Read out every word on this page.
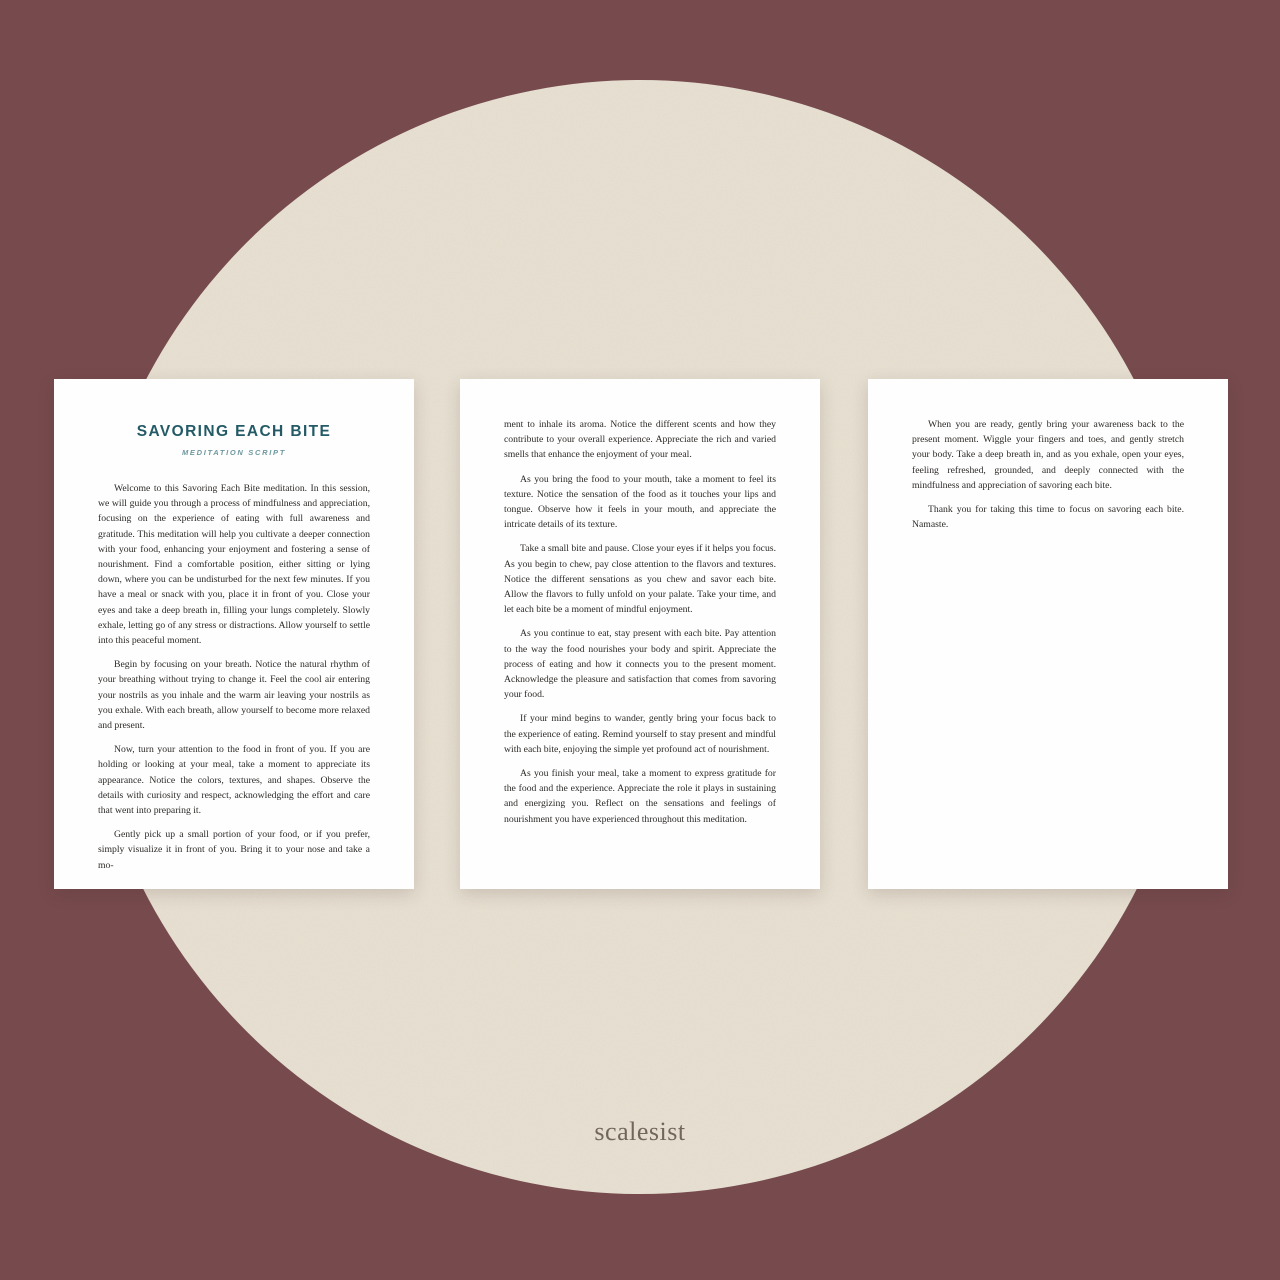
SAVORING EACH BITE
MEDITATION SCRIPT

Welcome to this Savoring Each Bite meditation. In this session, we will guide you through a process of mindfulness and appreciation, focusing on the experience of eating with full awareness and gratitude. This meditation will help you cultivate a deeper connection with your food, enhancing your enjoyment and fostering a sense of nourishment. Find a comfortable position, either sitting or lying down, where you can be undisturbed for the next few minutes. If you have a meal or snack with you, place it in front of you. Close your eyes and take a deep breath in, filling your lungs completely. Slowly exhale, letting go of any stress or distractions. Allow yourself to settle into this peaceful moment.

Begin by focusing on your breath. Notice the natural rhythm of your breathing without trying to change it. Feel the cool air entering your nostrils as you inhale and the warm air leaving your nostrils as you exhale. With each breath, allow yourself to become more relaxed and present.

Now, turn your attention to the food in front of you. If you are holding or looking at your meal, take a moment to appreciate its appearance. Notice the colors, textures, and shapes. Observe the details with curiosity and respect, acknowledging the effort and care that went into preparing it.

Gently pick up a small portion of your food, or if you prefer, simply visualize it in front of you. Bring it to your nose and take a mo-

ment to inhale its aroma. Notice the different scents and how they contribute to your overall experience. Appreciate the rich and varied smells that enhance the enjoyment of your meal.

As you bring the food to your mouth, take a moment to feel its texture. Notice the sensation of the food as it touches your lips and tongue. Observe how it feels in your mouth, and appreciate the intricate details of its texture.

Take a small bite and pause. Close your eyes if it helps you focus. As you begin to chew, pay close attention to the flavors and textures. Notice the different sensations as you chew and savor each bite. Allow the flavors to fully unfold on your palate. Take your time, and let each bite be a moment of mindful enjoyment.

As you continue to eat, stay present with each bite. Pay attention to the way the food nourishes your body and spirit. Appreciate the process of eating and how it connects you to the present moment. Acknowledge the pleasure and satisfaction that comes from savoring your food.

If your mind begins to wander, gently bring your focus back to the experience of eating. Remind yourself to stay present and mindful with each bite, enjoying the simple yet profound act of nourishment.

As you finish your meal, take a moment to express gratitude for the food and the experience. Appreciate the role it plays in sustaining and energizing you. Reflect on the sensations and feelings of nourishment you have experienced throughout this meditation.

When you are ready, gently bring your awareness back to the present moment. Wiggle your fingers and toes, and gently stretch your body. Take a deep breath in, and as you exhale, open your eyes, feeling refreshed, grounded, and deeply connected with the mindfulness and appreciation of savoring each bite.

Thank you for taking this time to focus on savoring each bite. Namaste.

scalesist
